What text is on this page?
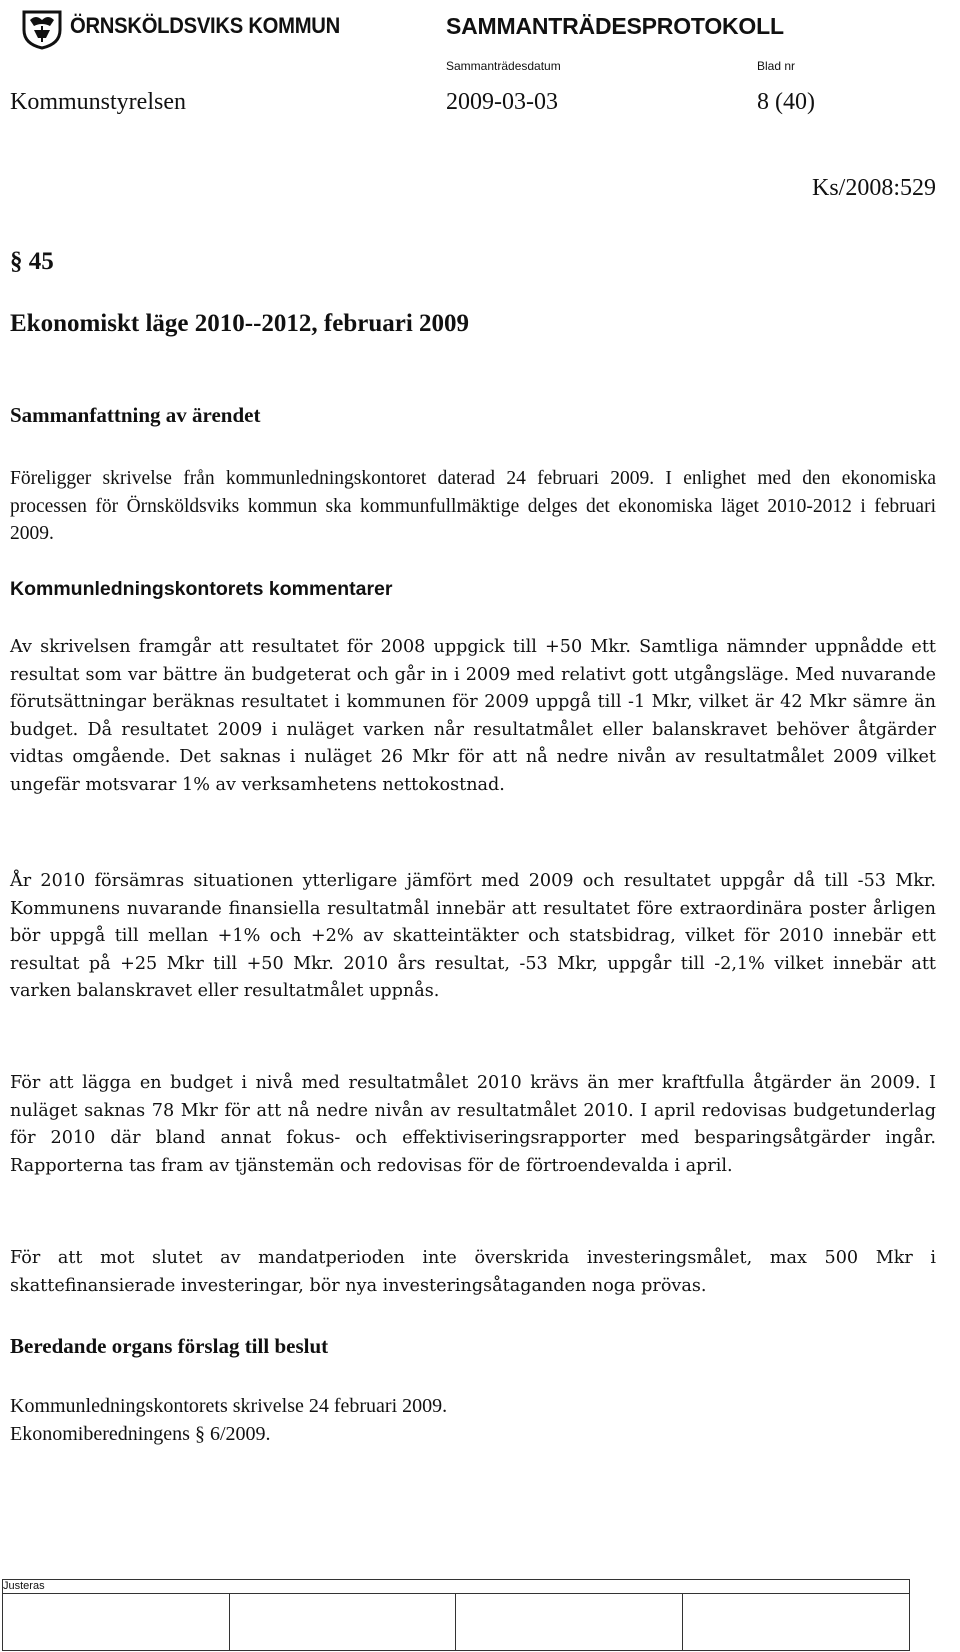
ÖRNSKÖLDSVIKS KOMMUN	SAMMANTRÄDESPROTOKOLL
Sammanträdesdatum	Blad nr
Kommunstyrelsen	2009-03-03	8 (40)
Ks/2008:529
§ 45
Ekonomiskt läge 2010--2012, februari 2009
Sammanfattning av ärendet

Föreligger skrivelse från kommunledningskontoret daterad 24 februari 2009. I enlighet med den ekonomiska processen för Örnsköldsviks kommun ska kommunfullmäktige delges det ekonomiska läget 2010-2012 i februari 2009.

Kommunledningskontorets kommentarer

Av skrivelsen framgår att resultatet för 2008 uppgick till +50 Mkr. Samtliga nämnder uppnådde ett resultat som var bättre än budgeterat och går in i 2009 med relativt gott utgångsläge. Med nuvarande förutsättningar beräknas resultatet i kommunen för 2009 uppgå till -1 Mkr, vilket är 42 Mkr sämre än budget. Då resultatet 2009 i nuläget varken når resultatmålet eller balanskravet behöver åtgärder vidtas omgående. Det saknas i nuläget 26 Mkr för att nå nedre nivån av resultatmålet 2009 vilket ungefär motsvarar 1% av verksamhetens nettokostnad.

År 2010 försämras situationen ytterligare jämfört med 2009 och resultatet uppgår då till -53 Mkr. Kommunens nuvarande finansiella resultatmål innebär att resultatet före extraordinära poster årligen bör uppgå till mellan +1% och +2% av skatteintäkter och statsbidrag, vilket för 2010 innebär ett resultat på +25 Mkr till +50 Mkr. 2010 års resultat, -53 Mkr, uppgår till -2,1% vilket innebär att varken balanskravet eller resultatmålet uppnås.

För att lägga en budget i nivå med resultatmålet 2010 krävs än mer kraftfulla åtgärder än 2009. I nuläget saknas 78 Mkr för att nå nedre nivån av resultatmålet 2010. I april redovisas budgetunderlag för 2010 där bland annat fokus- och effektiviseringsrapporter med besparingsåtgärder ingår. Rapporterna tas fram av tjänstemän och redovisas för de förtroendevalda i april.

För att mot slutet av mandatperioden inte överskrida investeringsmålet, max 500 Mkr i skattefinansierade investeringar, bör nya investeringsåtaganden noga prövas.

Beredande organs förslag till beslut
Kommunledningskontorets skrivelse 24 februari 2009.
Ekonomiberedningens § 6/2009.
Justeras
